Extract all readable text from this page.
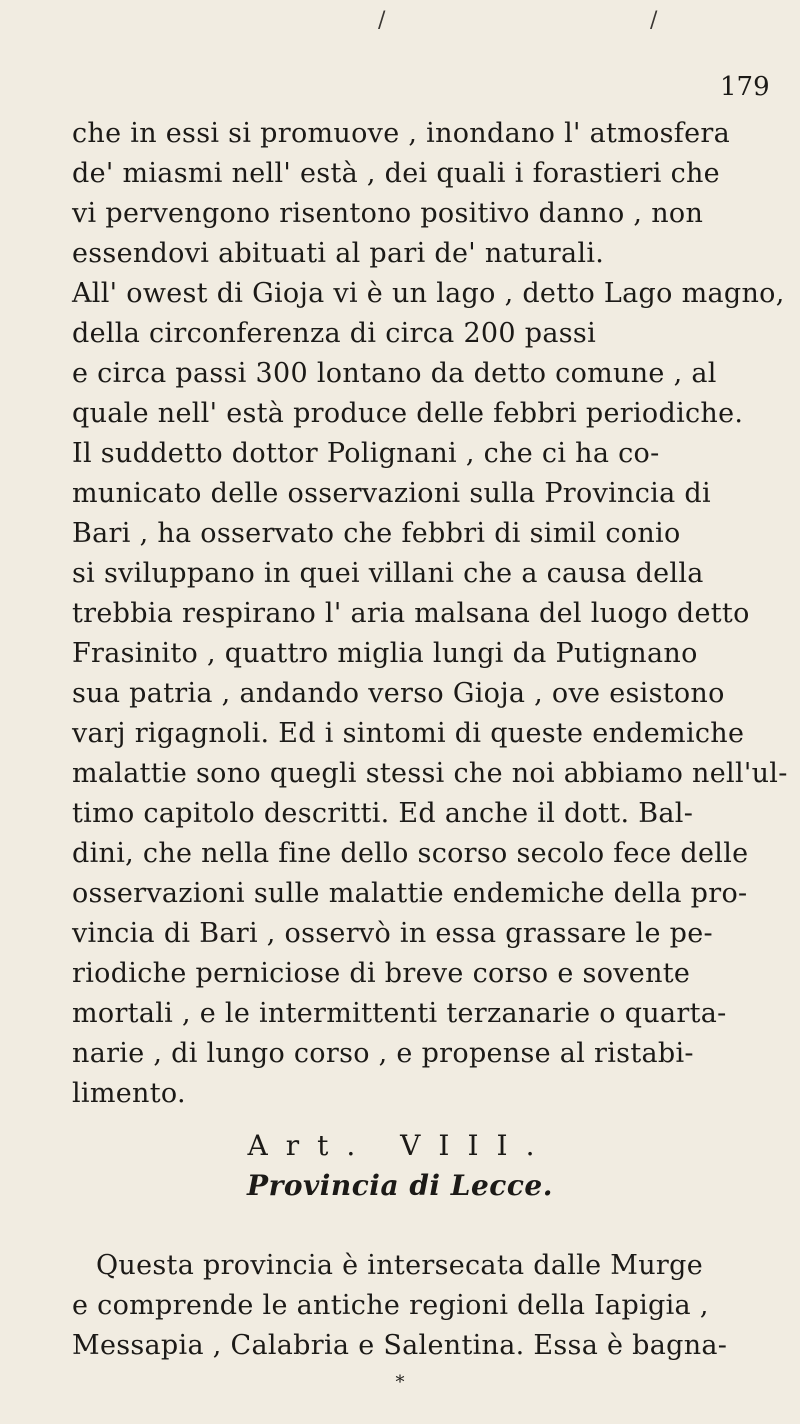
/	/
179
che in essi si promuove , inondano l' atmosfera
de' miasmi nell' està , dei quali i forastieri che
vi pervengono risentono positivo danno , non
essendovi abituati al pari de' naturali.
All' owest di Gioja vi è un lago , detto Lago magno, della circonferenza di circa 200 passi
e circa passi 300 lontano da detto comune , al
quale nell' està produce delle febbri periodiche.
Il suddetto dottor Polignani , che ci ha co-
municato delle osservazioni sulla Provincia di
Bari , ha osservato che febbri di simil conio
si sviluppano in quei villani che a causa della
trebbia respirano l' aria malsana del luogo detto
Frasinito , quattro miglia lungi da Putignano
sua patria , andando verso Gioja , ove esistono
varj rigagnoli. Ed i sintomi di queste endemiche
malattie sono quegli stessi che noi abbiamo nell'ul-
timo capitolo descritti. Ed anche il dott. Bal-
dini, che nella fine dello scorso secolo fece delle
osservazioni sulle malattie endemiche della pro-
vincia di Bari , osservò in essa grassare le pe-
riodiche perniciose di breve corso e sovente
mortali , e le intermittenti terzanarie o quarta-
narie , di lungo corso , e propense al ristabi-
limento.
Art. VIII.
Provincia di Lecce.
Questa provincia è intersecata dalle Murge
e comprende le antiche regioni della Iapigia ,
Messapia , Calabria e Salentina. Essa è bagna-
*
